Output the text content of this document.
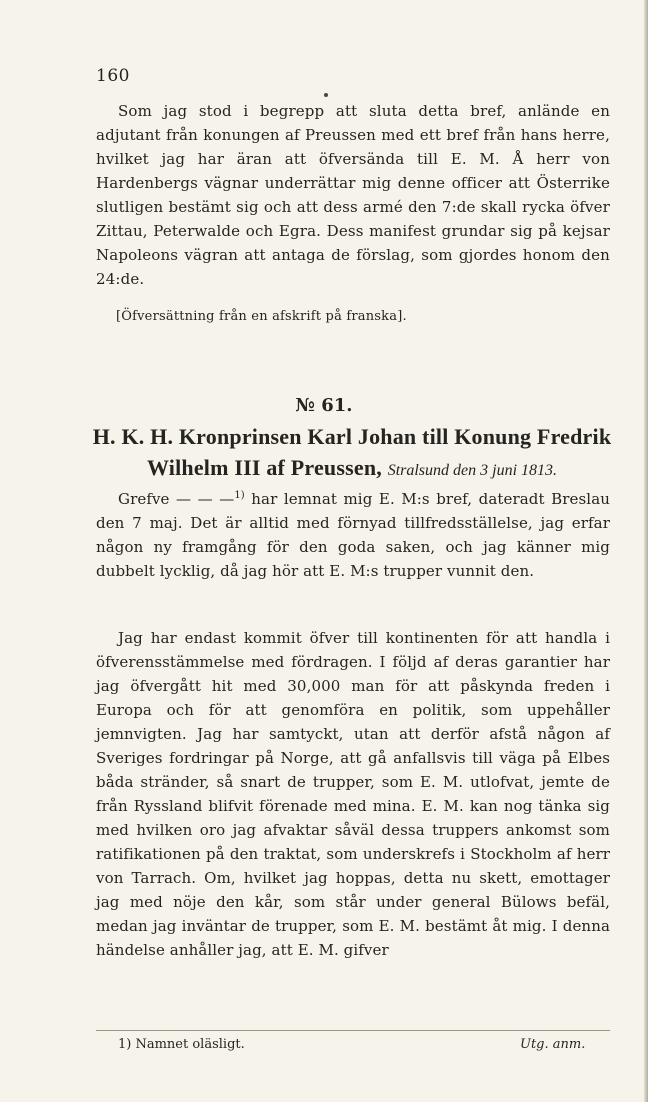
160

Som jag stod i begrepp att sluta detta bref, anlände en adjutant från konungen af Preussen med ett bref från hans herre, hvilket jag har äran att öfversända till E. M. Å herr von Hardenbergs vägnar underrättar mig denne officer att Österrike slutligen bestämt sig och att dess armé den 7:de skall rycka öfver Zittau, Peterwalde och Egra. Dess manifest grundar sig på kejsar Napoleons vägran att antaga de förslag, som gjordes honom den 24:de.

[Öfversättning från en afskrift på franska].
№ 61.
H. K. H. Kronprinsen Karl Johan till Konung Fredrik Wilhelm III af Preussen, Stralsund den 3 juni 1813.

Grefve — — —$^{1)}$ har lemnat mig E. M:s bref, dateradt Breslau den 7 maj. Det är alltid med förnyad tillfredsställelse, jag erfar någon ny framgång för den goda saken, och jag känner mig dubbelt lycklig, då jag hör att E. M:s trupper vunnit den.

Jag har endast kommit öfver till kontinenten för att handla i öfverensstämmelse med fördragen. I följd af deras garantier har jag öfvergått hit med 30,000 man för att påskynda freden i Europa och för att genomföra en politik, som uppehåller jemnvigten. Jag har samtyckt, utan att derför afstå någon af Sveriges fordringar på Norge, att gå anfallsvis till väga på Elbes båda stränder, så snart de trupper, som E. M. utlofvat, jemte de från Ryssland blifvit förenade med mina. E. M. kan nog tänka sig med hvilken oro jag afvaktar såväl dessa truppers ankomst som ratifikationen på den traktat, som underskrefs i Stockholm af herr von Tarrach. Om, hvilket jag hoppas, detta nu skett, emottager jag med nöje den kår, som står under general Bülows befäl, medan jag inväntar de trupper, som E. M. bestämt åt mig. I denna händelse anhåller jag, att E. M. gifver

1) Namnet oläsligt.	Utg. anm.
